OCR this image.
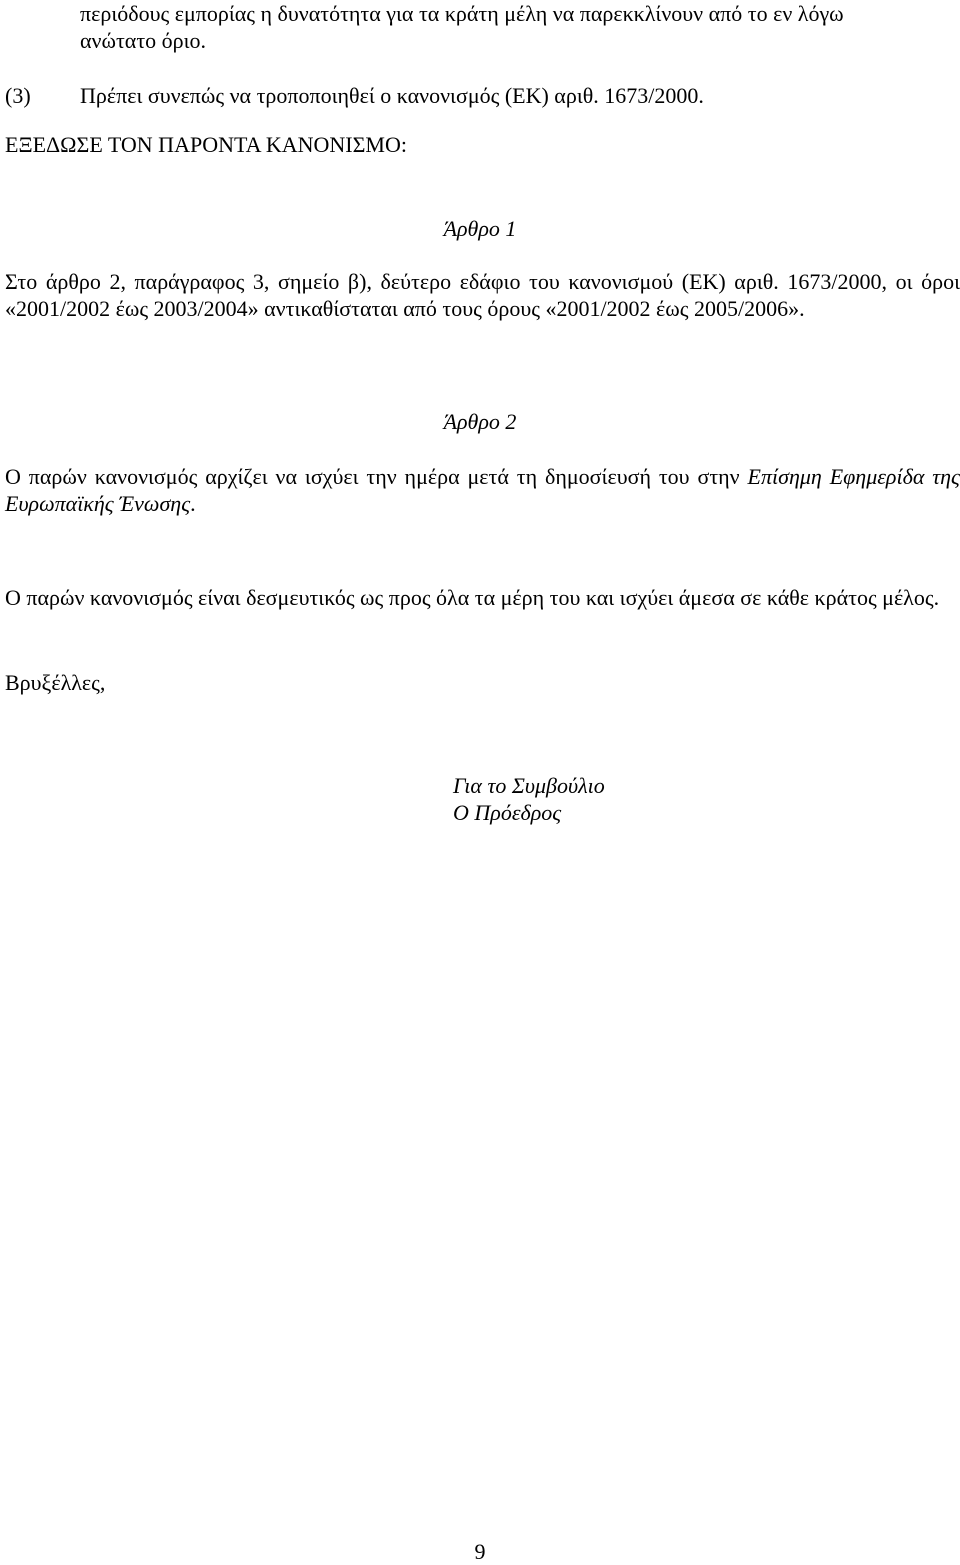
περιόδους εμπορίας η δυνατότητα για τα κράτη μέλη να παρεκκλίνουν από το εν λόγω
ανώτατο όριο.

(3) Πρέπει συνεπώς να τροποποιηθεί ο κανονισμός (ΕΚ) αριθ. 1673/2000.

ΕΞΕΔΩΣΕ ΤΟΝ ΠΑΡΟΝΤΑ ΚΑΝΟΝΙΣΜΟ:

Άρθρο 1

Στο άρθρο 2, παράγραφος 3, σημείο β), δεύτερο εδάφιο του κανονισμού (ΕΚ) αριθ. 1673/2000, οι όροι «2001/2002 έως 2003/2004» αντικαθίσταται από τους όρους «2001/2002 έως 2005/2006».

Άρθρο 2

Ο παρών κανονισμός αρχίζει να ισχύει την ημέρα μετά τη δημοσίευσή του στην Επίσημη Εφημερίδα της Ευρωπαϊκής Ένωσης.

Ο παρών κανονισμός είναι δεσμευτικός ως προς όλα τα μέρη του και ισχύει άμεσα σε κάθε κράτος μέλος.

Βρυξέλλες,

Για το Συμβούλιο
Ο Πρόεδρος

9
